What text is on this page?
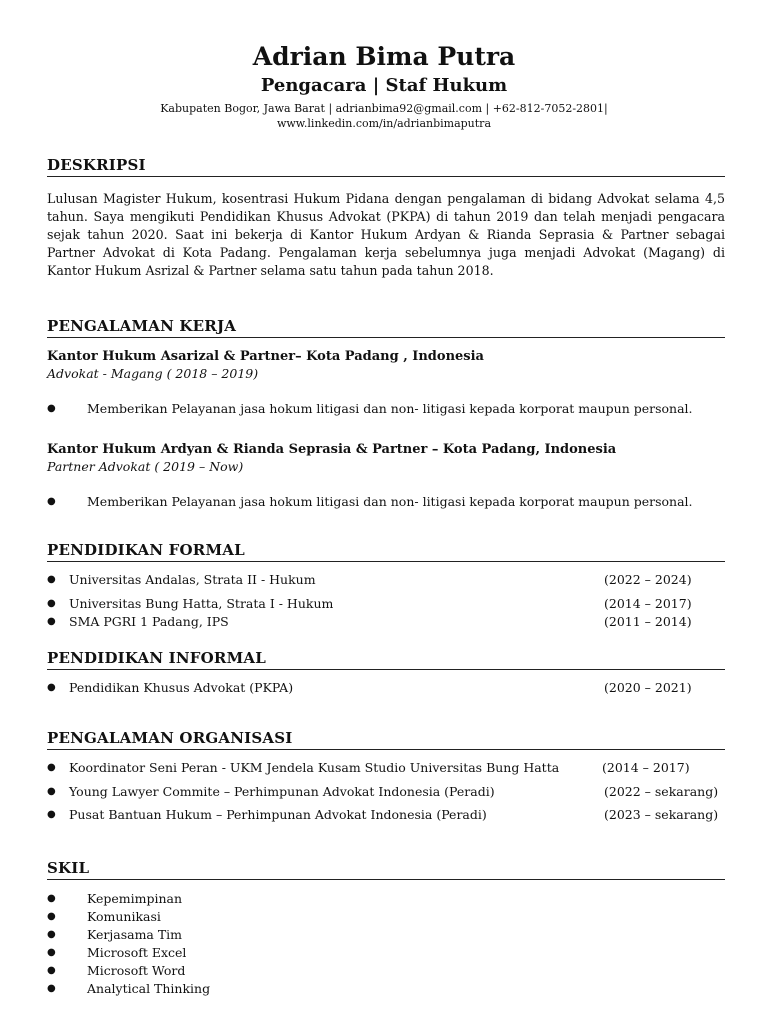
Adrian Bima Putra
Pengacara | Staf Hukum
Kabupaten Bogor, Jawa Barat | adrianbima92@gmail.com | +62-812-7052-2801|
www.linkedin.com/in/adrianbimaputra
DESKRIPSI
Lulusan Magister Hukum, kosentrasi Hukum Pidana dengan pengalaman di bidang Advokat selama 4,5 tahun. Saya mengikuti Pendidikan Khusus Advokat (PKPA) di tahun 2019 dan telah menjadi pengacara sejak tahun 2020. Saat ini bekerja di Kantor Hukum Ardyan & Rianda Seprasia & Partner sebagai Partner Advokat di Kota Padang. Pengalaman kerja sebelumnya juga menjadi Advokat (Magang) di Kantor Hukum Asrizal & Partner selama satu tahun pada tahun 2018.
PENGALAMAN KERJA
Kantor Hukum Asarizal & Partner– Kota Padang , Indonesia
Advokat - Magang ( 2018 – 2019)
●	Memberikan Pelayanan jasa hokum litigasi dan non- litigasi kepada korporat maupun personal.
Kantor Hukum Ardyan & Rianda Seprasia & Partner – Kota Padang, Indonesia
Partner Advokat ( 2019 – Now)
●	Memberikan Pelayanan jasa hokum litigasi dan non- litigasi kepada korporat maupun personal.
PENDIDIKAN FORMAL
● Universitas Andalas, Strata II - Hukum	(2022 – 2024)
● Universitas Bung Hatta, Strata I - Hukum	(2014 – 2017)
● SMA PGRI 1 Padang, IPS	(2011 – 2014)
PENDIDIKAN INFORMAL
● Pendidikan Khusus Advokat (PKPA)	(2020 – 2021)
PENGALAMAN ORGANISASI
● Koordinator Seni Peran - UKM Jendela Kusam Studio Universitas Bung Hatta	(2014 – 2017)
● Young Lawyer Commite – Perhimpunan Advokat Indonesia (Peradi)	(2022 – sekarang)
● Pusat Bantuan Hukum – Perhimpunan Advokat Indonesia (Peradi)	(2023 – sekarang)
SKIL
●	Kepemimpinan
●	Komunikasi
●	Kerjasama Tim
●	Microsoft Excel
●	Microsoft Word
●	Analytical Thinking
